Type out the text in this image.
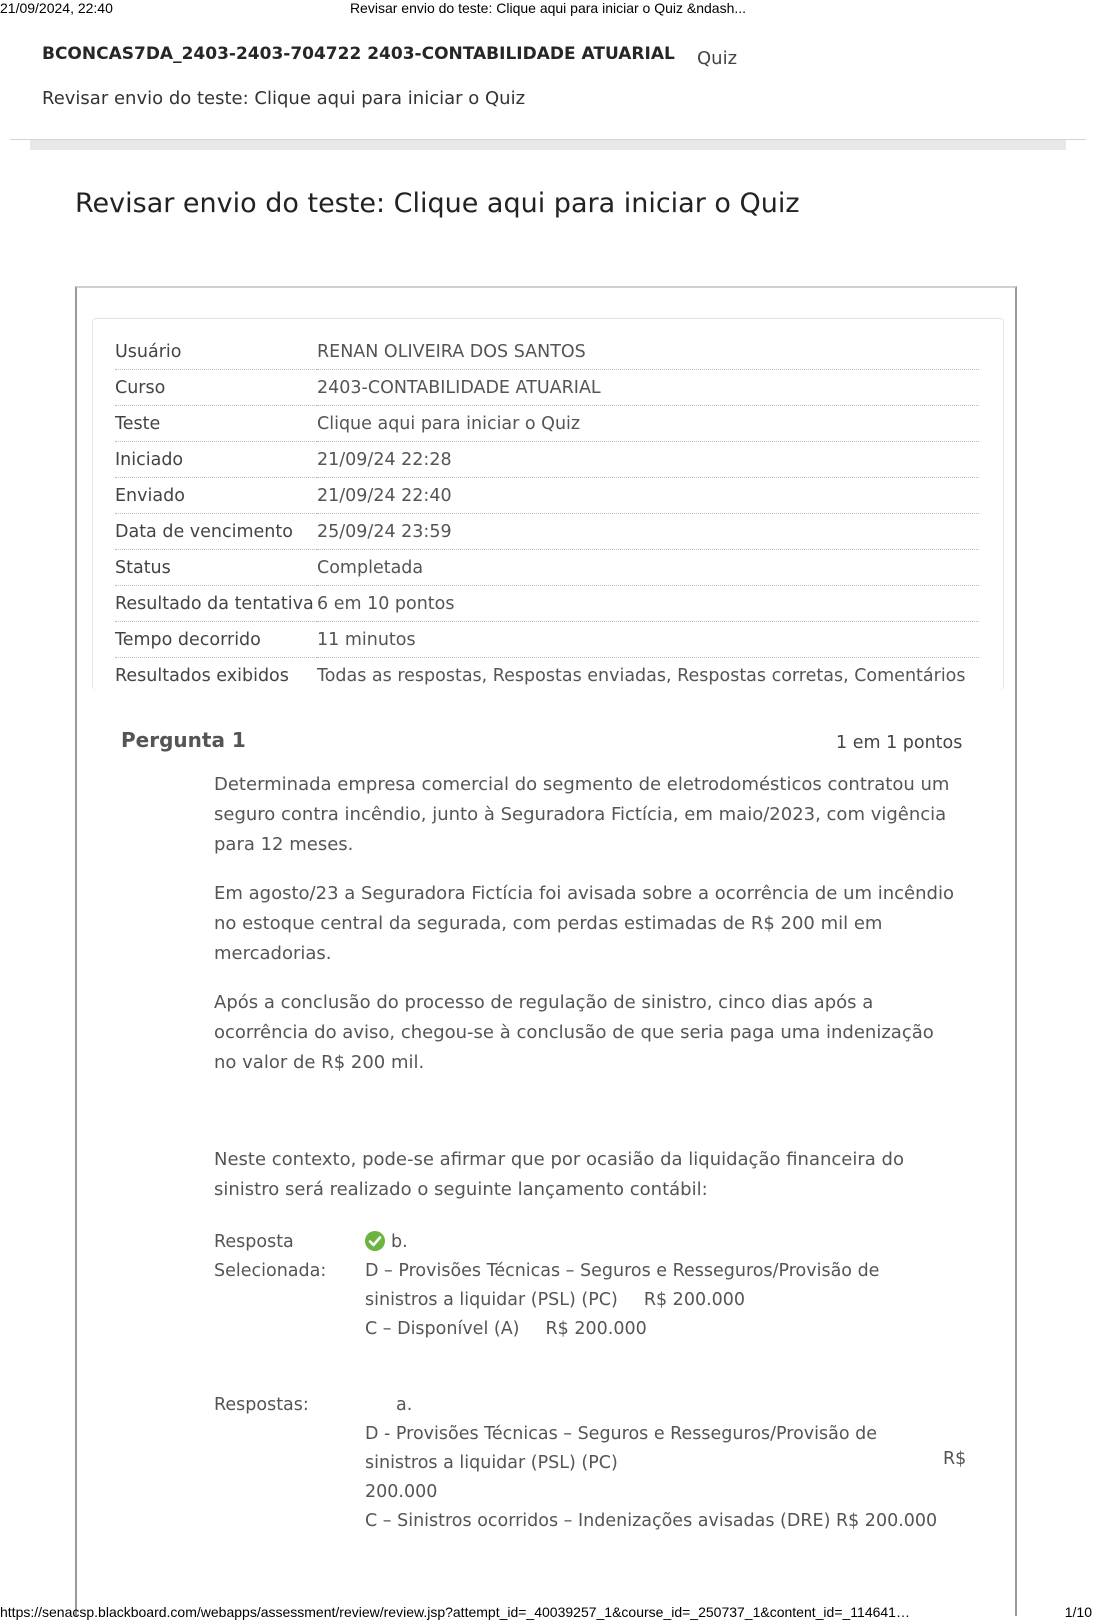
21/09/2024, 22:40	Revisar envio do teste: Clique aqui para iniciar o Quiz &ndash...
BCONCAS7DA_2403-2403-704722 2403-CONTABILIDADE ATUARIAL Quiz
Revisar envio do teste: Clique aqui para iniciar o Quiz
Revisar envio do teste: Clique aqui para iniciar o Quiz
Usuário	RENAN OLIVEIRA DOS SANTOS
Curso	2403-CONTABILIDADE ATUARIAL
Teste	Clique aqui para iniciar o Quiz
Iniciado	21/09/24 22:28
Enviado	21/09/24 22:40
Data de vencimento	25/09/24 23:59
Status	Completada
Resultado da tentativa	6 em 10 pontos
Tempo decorrido	11 minutos
Resultados exibidos	Todas as respostas, Respostas enviadas, Respostas corretas, Comentários
Pergunta 1	1 em 1 pontos

Determinada empresa comercial do segmento de eletrodomésticos contratou um

seguro contra incêndio, junto à Seguradora Fictícia, em maio/2023, com vigência

para 12 meses.

Em agosto/23 a Seguradora Fictícia foi avisada sobre a ocorrência de um incêndio

no estoque central da segurada, com perdas estimadas de R$ 200 mil em

mercadorias.

Após a conclusão do processo de regulação de sinistro, cinco dias após a

ocorrência do aviso, chegou-se à conclusão de que seria paga uma indenização

no valor de R$ 200 mil.

Neste contexto, pode-se afirmar que por ocasião da liquidação financeira do

sinistro será realizado o seguinte lançamento contábil:

Resposta
Selecionada:
b.
D – Provisões Técnicas – Seguros e Resseguros/Provisão de
sinistros a liquidar (PSL) (PC) R$ 200.000
C – Disponível (A) R$ 200.000
Respostas:	a.
D - Provisões Técnicas – Seguros e Resseguros/Provisão de
sinistros a liquidar (PSL) (PC)
200.000
C – Sinistros ocorridos – Indenizações avisadas (DRE) R$ 200.000
R$
https://senacsp.blackboard.com/webapps/assessment/review/review.jsp?attempt_id=_40039257_1&course_id=_250737_1&content_id=_114641…	1/10
